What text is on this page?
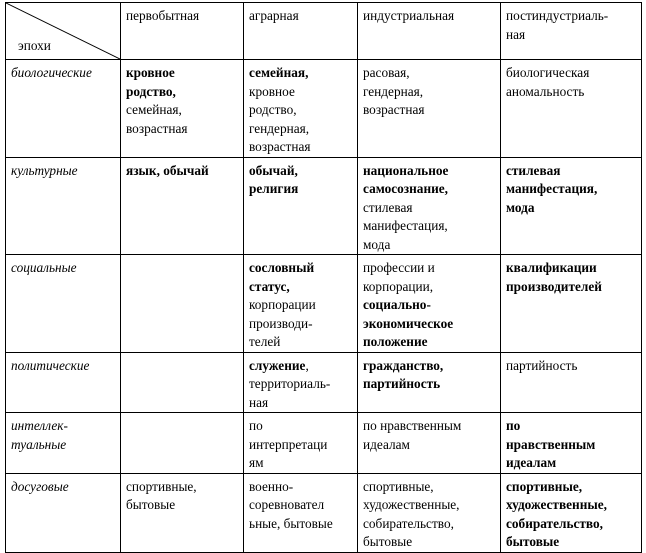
эпохи	первобытная	аграрная	индустриальная	постиндустриаль-
ная
биологические	кровное
родство,
семейная,
возрастная	семейная,
кровное
родство,
гендерная,
возрастная	расовая,
гендерная,
возрастная	биологическая
аномальность
культурные	язык, обычай	обычай,
религия	национальное
самосознание,
стилевая
манифестация,
мода	стилевая
манифестация,
мода
социальные		сословный
статус,
корпорации
производи-
телей	профессии и
корпорации,
социально-
экономическое
положение	квалификации
производителей
политические		служение,
территориаль-
ная	гражданство,
партийность	партийность
интеллек-
туальные		по
интерпретаци
ям	по нравственным
идеалам	по
нравственным
идеалам
досуговые	спортивные,
бытовые	военно-
соревновател
ьные, бытовые	спортивные,
художественные,
собирательство,
бытовые	спортивные,
художественные,
собирательство,
бытовые
